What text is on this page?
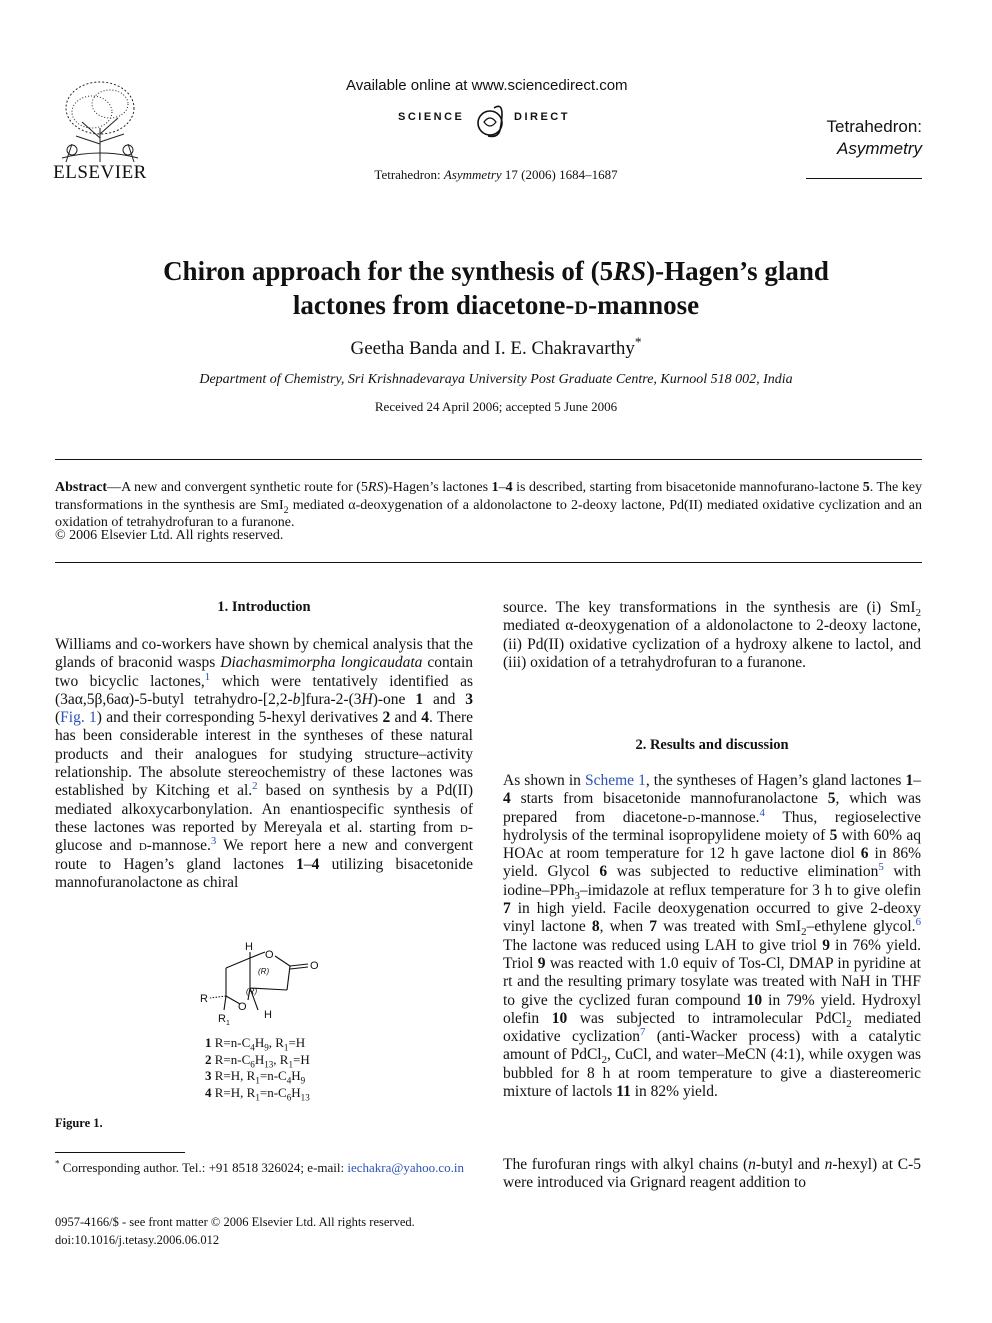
ELSEVIER
Available online at www.sciencedirect.com
SCIENCE	DIRECT
Tetrahedron: Asymmetry 17 (2006) 1684–1687
Tetrahedron:
Asymmetry
Chiron approach for the synthesis of (5RS)-Hagen’s gland
lactones from diacetone-d-mannose
Geetha Banda and I. E. Chakravarthy*
Department of Chemistry, Sri Krishnadevaraya University Post Graduate Centre, Kurnool 518 002, India
Received 24 April 2006; accepted 5 June 2006
Abstract—A new and convergent synthetic route for (5RS)-Hagen’s lactones 1–4 is described, starting from bisacetonide mannofurano-lactone 5. The key transformations in the synthesis are SmI$_2$ mediated α-deoxygenation of a aldonolactone to 2-deoxy lactone, Pd(II) mediated oxidative cyclization and an oxidation of tetrahydrofuran to a furanone.
© 2006 Elsevier Ltd. All rights reserved.
1. Introduction
Williams and co-workers have shown by chemical analysis that the glands of braconid wasps Diachasmimorpha longicaudata contain two bicyclic lactones,$^1$ which were tentatively identified as (3aα,5β,6aα)-5-butyl tetrahydro-[2,2-b]fura-2-(3H)-one 1 and 3 (Fig. 1) and their corresponding 5-hexyl derivatives 2 and 4. There has been considerable interest in the syntheses of these natural products and their analogues for studying structure–activity relationship. The absolute stereochemistry of these lactones was established by Kitching et al.$^2$ based on synthesis by a Pd(II) mediated alkoxycarbonylation. An enantiospecific synthesis of these lactones was reported by Mereyala et al. starting from d-glucose and d-mannose.$^3$ We report here a new and convergent route to Hagen’s gland lactones 1–4 utilizing bisacetonide mannofuranolactone as chiral
H
O
O
(R)
(R)
R
O
H
$R_1$
1 $R=n-C_4H_9$, $R_1=H$
2 $R=n-C_6H_{13}$, $R_1=H$
3 R=H, $R_1=n-C_4H_9$
4 R=H, $R_1=n-C_6H_{13}$
Figure 1.
* Corresponding author. Tel.: +91 8518 326024; e-mail: iechakra@yahoo.co.in
0957-4166/$ - see front matter © 2006 Elsevier Ltd. All rights reserved.
doi:10.1016/j.tetasy.2006.06.012
source. The key transformations in the synthesis are (i) SmI$_2$ mediated α-deoxygenation of a aldonolactone to 2-deoxy lactone, (ii) Pd(II) oxidative cyclization of a hydroxy alkene to lactol, and (iii) oxidation of a tetrahydrofuran to a furanone.
2. Results and discussion
As shown in Scheme 1, the syntheses of Hagen’s gland lactones 1–4 starts from bisacetonide mannofuranolactone 5, which was prepared from diacetone-d-mannose.$^4$ Thus, regioselective hydrolysis of the terminal isopropylidene moiety of 5 with 60% aq HOAc at room temperature for 12 h gave lactone diol 6 in 86% yield. Glycol 6 was subjected to reductive elimination$^5$ with iodine–PPh$_3$–imidazole at reflux temperature for 3 h to give olefin 7 in high yield. Facile deoxygenation occurred to give 2-deoxy vinyl lactone 8, when 7 was treated with SmI$_2$–ethylene glycol.$^6$ The lactone was reduced using LAH to give triol 9 in 76% yield. Triol 9 was reacted with 1.0 equiv of Tos-Cl, DMAP in pyridine at rt and the resulting primary tosylate was treated with NaH in THF to give the cyclized furan compound 10 in 79% yield. Hydroxyl olefin 10 was subjected to intramolecular PdCl$_2$ mediated oxidative cyclization$^7$ (anti-Wacker process) with a catalytic amount of PdCl$_2$, CuCl, and water–MeCN (4:1), while oxygen was bubbled for 8 h at room temperature to give a diastereomeric mixture of lactols 11 in 82% yield.
The furofuran rings with alkyl chains (n-butyl and n-hexyl) at C-5 were introduced via Grignard reagent addition to
